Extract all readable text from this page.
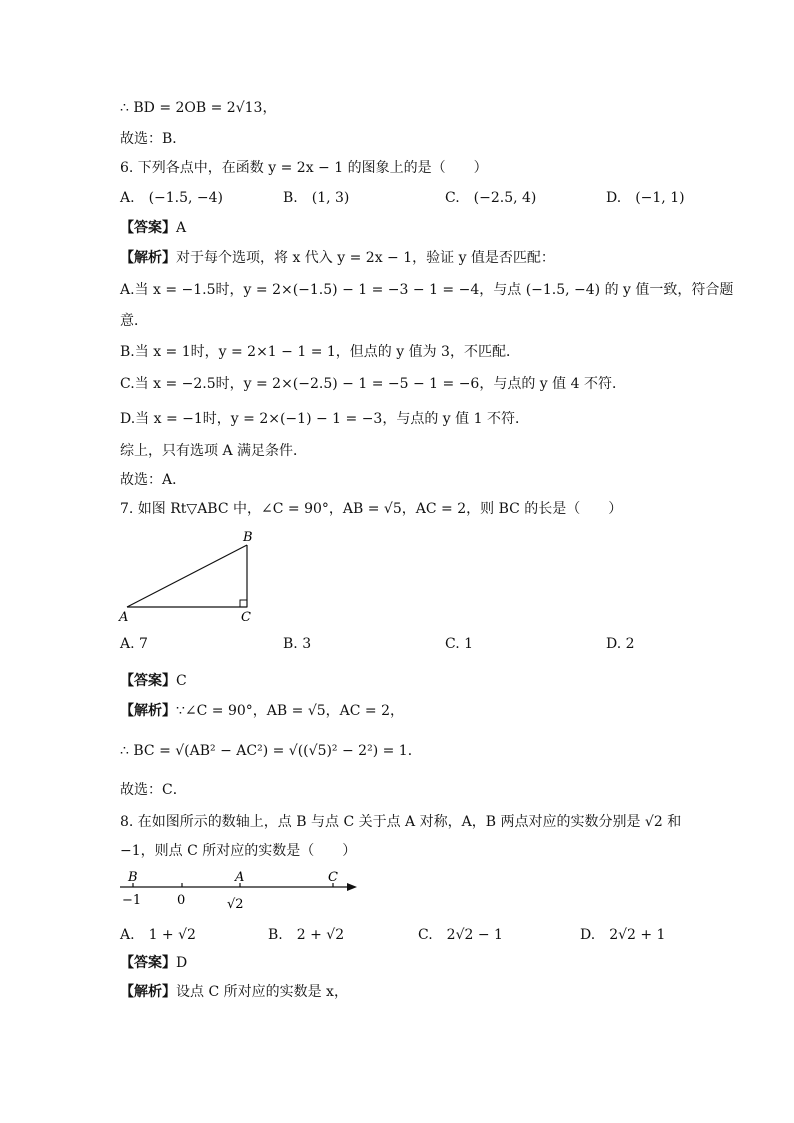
∴ BD = 2OB = 2√13，
故选：B．
6. 下列各点中，在函数 y = 2x − 1 的图象上的是（　　）
A.　 (−1.5, −4)	B.　 (1, 3)	C.　 (−2.5, 4)	D.　 (−1, 1)
【答案】A
【解析】对于每个选项，将 x 代入 y = 2x − 1，验证 y 值是否匹配：
A.当 x = −1.5时，y = 2×(−1.5) − 1 = −3 − 1 = −4，与点 (−1.5, −4) 的 y 值一致，符合题
意．
B.当 x = 1时，y = 2×1 − 1 = 1，但点的 y 值为 3，不匹配．
C.当 x = −2.5时，y = 2×(−2.5) − 1 = −5 − 1 = −6，与点的 y 值 4 不符．
D.当 x = −1时，y = 2×(−1) − 1 = −3，与点的 y 值 1 不符．
综上，只有选项 A 满足条件．
故选：A．
7. 如图 Rt▽ABC 中，∠C = 90°，AB = √5，AC = 2，则 BC 的长是（　　）
A
B
C
A. 7	B. 3	C. 1	D. 2
【答案】C
【解析】∵∠C = 90°，AB = √5，AC = 2，
∴ BC = √(AB² − AC²) = √((√5)² − 2²) = 1．
故选：C．
8. 在如图所示的数轴上，点 B 与点 C 关于点 A 对称，A，B 两点对应的实数分别是 √2 和
−1，则点 C 所对应的实数是（　　）
B	A	C
−1	0	√2
A.　 1 + √2	B.　 2 + √2	C.　 2√2 − 1	D.　 2√2 + 1
【答案】D
【解析】设点 C 所对应的实数是 x，
